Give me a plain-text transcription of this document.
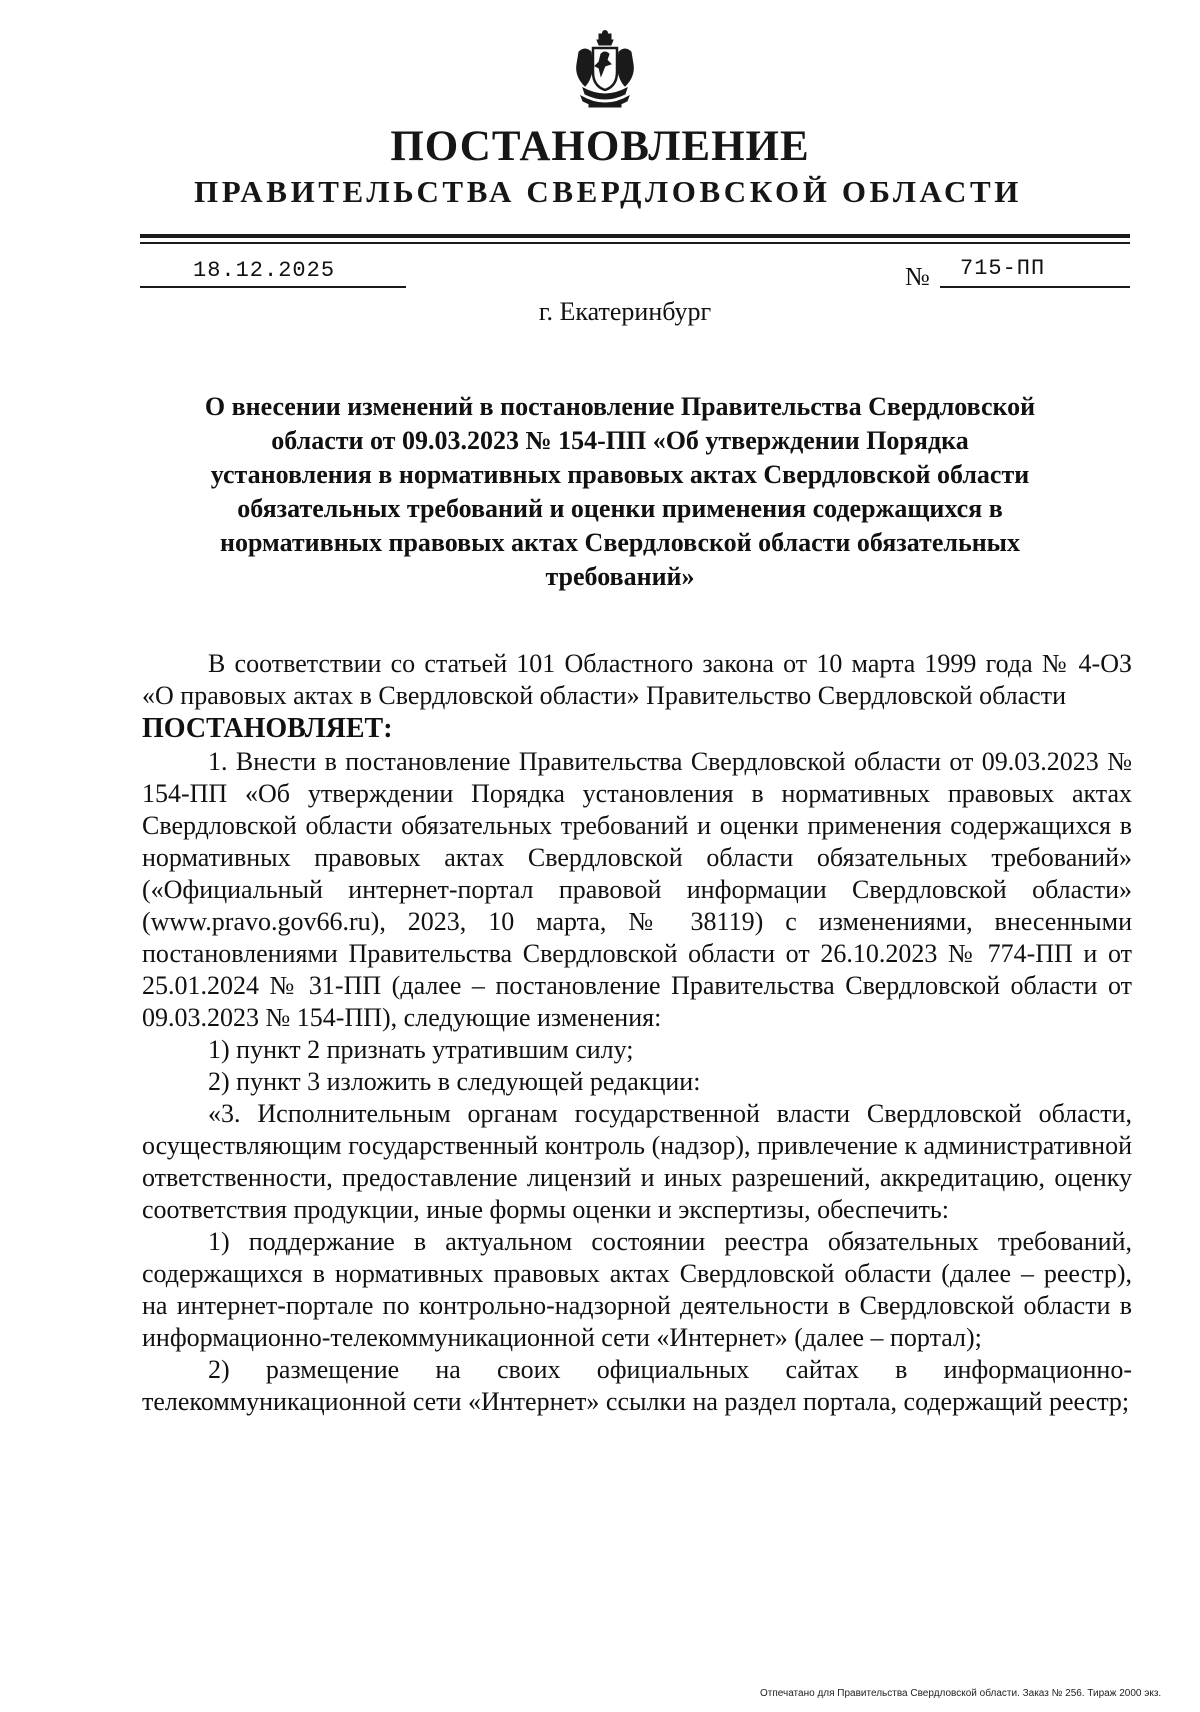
ПОСТАНОВЛЕНИЕ
ПРАВИТЕЛЬСТВА СВЕРДЛОВСКОЙ ОБЛАСТИ
18.12.2025	№ 715-ПП
г. Екатеринбург
О внесении изменений в постановление Правительства Свердловской области от 09.03.2023 № 154-ПП «Об утверждении Порядка установления в нормативных правовых актах Свердловской области обязательных требований и оценки применения содержащихся в нормативных правовых актах Свердловской области обязательных требований»

В соответствии со статьей 101 Областного закона от 10 марта 1999 года № 4-ОЗ «О правовых актах в Свердловской области» Правительство Свердловской области

ПОСТАНОВЛЯЕТ:

1. Внести в постановление Правительства Свердловской области от 09.03.2023 № 154-ПП «Об утверждении Порядка установления в нормативных правовых актах Свердловской области обязательных требований и оценки применения содержащихся в нормативных правовых актах Свердловской области обязательных требований» («Официальный интернет-портал правовой информации Свердловской области» (www.pravo.gov66.ru), 2023, 10 марта, № 38119) с изменениями, внесенными постановлениями Правительства Свердловской области от 26.10.2023 № 774-ПП и от 25.01.2024 № 31-ПП (далее – постановление Правительства Свердловской области от 09.03.2023 № 154-ПП), следующие изменения:

1) пункт 2 признать утратившим силу;

2) пункт 3 изложить в следующей редакции:

«3. Исполнительным органам государственной власти Свердловской области, осуществляющим государственный контроль (надзор), привлечение к административной ответственности, предоставление лицензий и иных разрешений, аккредитацию, оценку соответствия продукции, иные формы оценки и экспертизы, обеспечить:

1) поддержание в актуальном состоянии реестра обязательных требований, содержащихся в нормативных правовых актах Свердловской области (далее – реестр), на интернет-портале по контрольно-надзорной деятельности в Свердловской области в информационно-телекоммуникационной сети «Интернет» (далее – портал);

2) размещение на своих официальных сайтах в информационно-телекоммуникационной сети «Интернет» ссылки на раздел портала, содержащий реестр;

Отпечатано для Правительства Свердловской области. Заказ № 256. Тираж 2000 экз.
